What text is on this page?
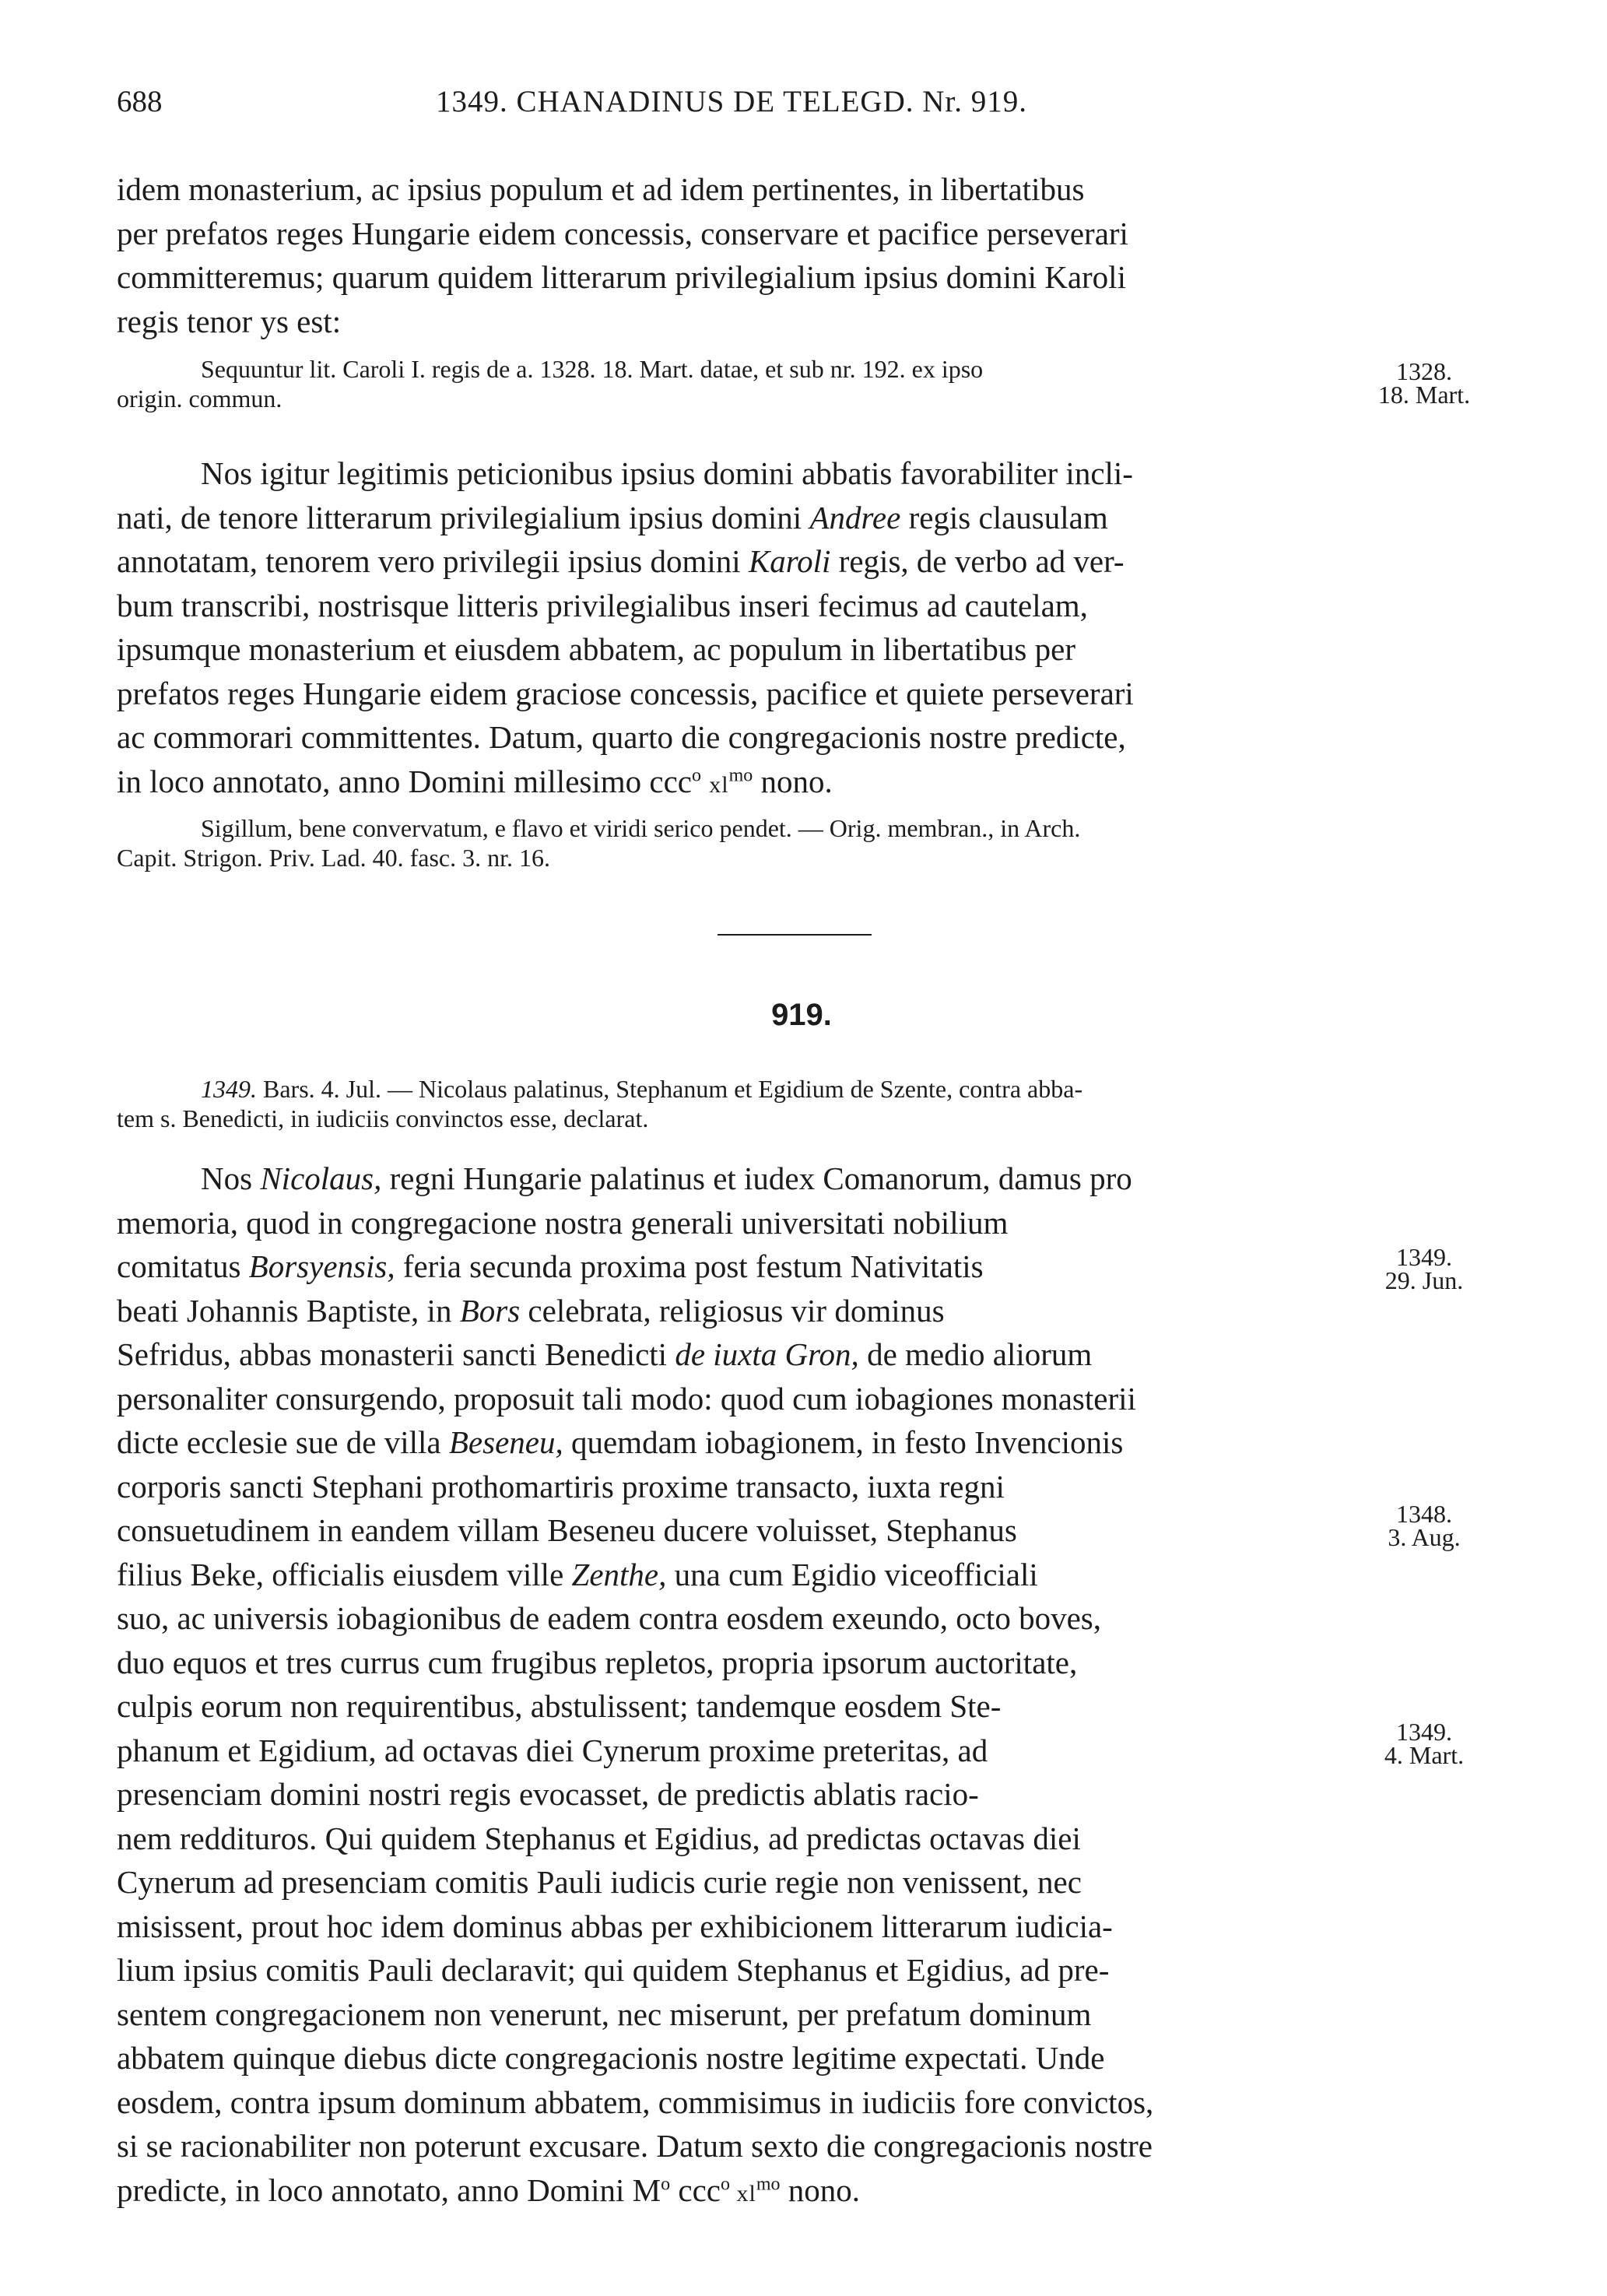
688	1349. CHANADINUS DE TELEGD. Nr. 919.

idem monasterium, ac ipsius populum et ad idem pertinentes, in libertatibus
per prefatos reges Hungarie eidem concessis, conservare et pacifice perseverari
committeremus; quarum quidem litterarum privilegialium ipsius domini Karoli
regis tenor ys est:

Sequuntur lit. Caroli I. regis de a. 1328. 18. Mart. datae, et sub nr. 192. ex ipso
origin. commun.

1328.
18. Mart.

Nos igitur legitimis peticionibus ipsius domini abbatis favorabiliter incli-
nati, de tenore litterarum privilegialium ipsius domini Andree regis clausulam
annotatam, tenorem vero privilegii ipsius domini Karoli regis, de verbo ad ver-
bum transcribi, nostrisque litteris privilegialibus inseri fecimus ad cautelam,
ipsumque monasterium et eiusdem abbatem, ac populum in libertatibus per
prefatos reges Hungarie eidem graciose concessis, pacifice et quiete perseverari
ac commorari committentes. Datum, quarto die congregacionis nostre predicte,
in loco annotato, anno Domini millesimo ccc$^o$ $xl^{mo}$ nono.

Sigillum, bene convervatum, e flavo et viridi serico pendet. — Orig. membran., in Arch.
Capit. Strigon. Priv. Lad. 40. fasc. 3. nr. 16.

919.

1349. Bars. 4. Jul. — Nicolaus palatinus, Stephanum et Egidium de Szente, contra abba-
tem s. Benedicti, in iudiciis convinctos esse, declarat.

Nos Nicolaus, regni Hungarie palatinus et iudex Comanorum, damus pro
memoria, quod in congregacione nostra generali universitati nobilium
comitatus Borsyensis, feria secunda proxima post festum Nativitatis
beati Johannis Baptiste, in Bors celebrata, religiosus vir dominus
Sefridus, abbas monasterii sancti Benedicti de iuxta Gron, de medio aliorum
personaliter consurgendo, proposuit tali modo: quod cum iobagiones monasterii
dicte ecclesie sue de villa Beseneu, quemdam iobagionem, in festo Invencionis
corporis sancti Stephani prothomartiris proxime transacto, iuxta regni
consuetudinem in eandem villam Beseneu ducere voluisset, Stephanus
filius Beke, officialis eiusdem ville Zenthe, una cum Egidio viceofficiali
suo, ac universis iobagionibus de eadem contra eosdem exeundo, octo boves,
duo equos et tres currus cum frugibus repletos, propria ipsorum auctoritate,
culpis eorum non requirentibus, abstulissent; tandemque eosdem Ste-
phanum et Egidium, ad octavas diei Cynerum proxime preteritas, ad
presenciam domini nostri regis evocasset, de predictis ablatis racio-
nem reddituros. Qui quidem Stephanus et Egidius, ad predictas octavas diei
Cynerum ad presenciam comitis Pauli iudicis curie regie non venissent, nec
misissent, prout hoc idem dominus abbas per exhibicionem litterarum iudicia-
lium ipsius comitis Pauli declaravit; qui quidem Stephanus et Egidius, ad pre-
sentem congregacionem non venerunt, nec miserunt, per prefatum dominum
abbatem quinque diebus dicte congregacionis nostre legitime expectati. Unde
eosdem, contra ipsum dominum abbatem, commisimus in iudiciis fore convictos,
si se racionabiliter non poterunt excusare. Datum sexto die congregacionis nostre
predicte, in loco annotato, anno Domini $M^o$ ccc$^o$ $xl^{mo}$ nono.

1349.
29. Jun.
1348.
3. Aug.
1349.
4. Mart.
